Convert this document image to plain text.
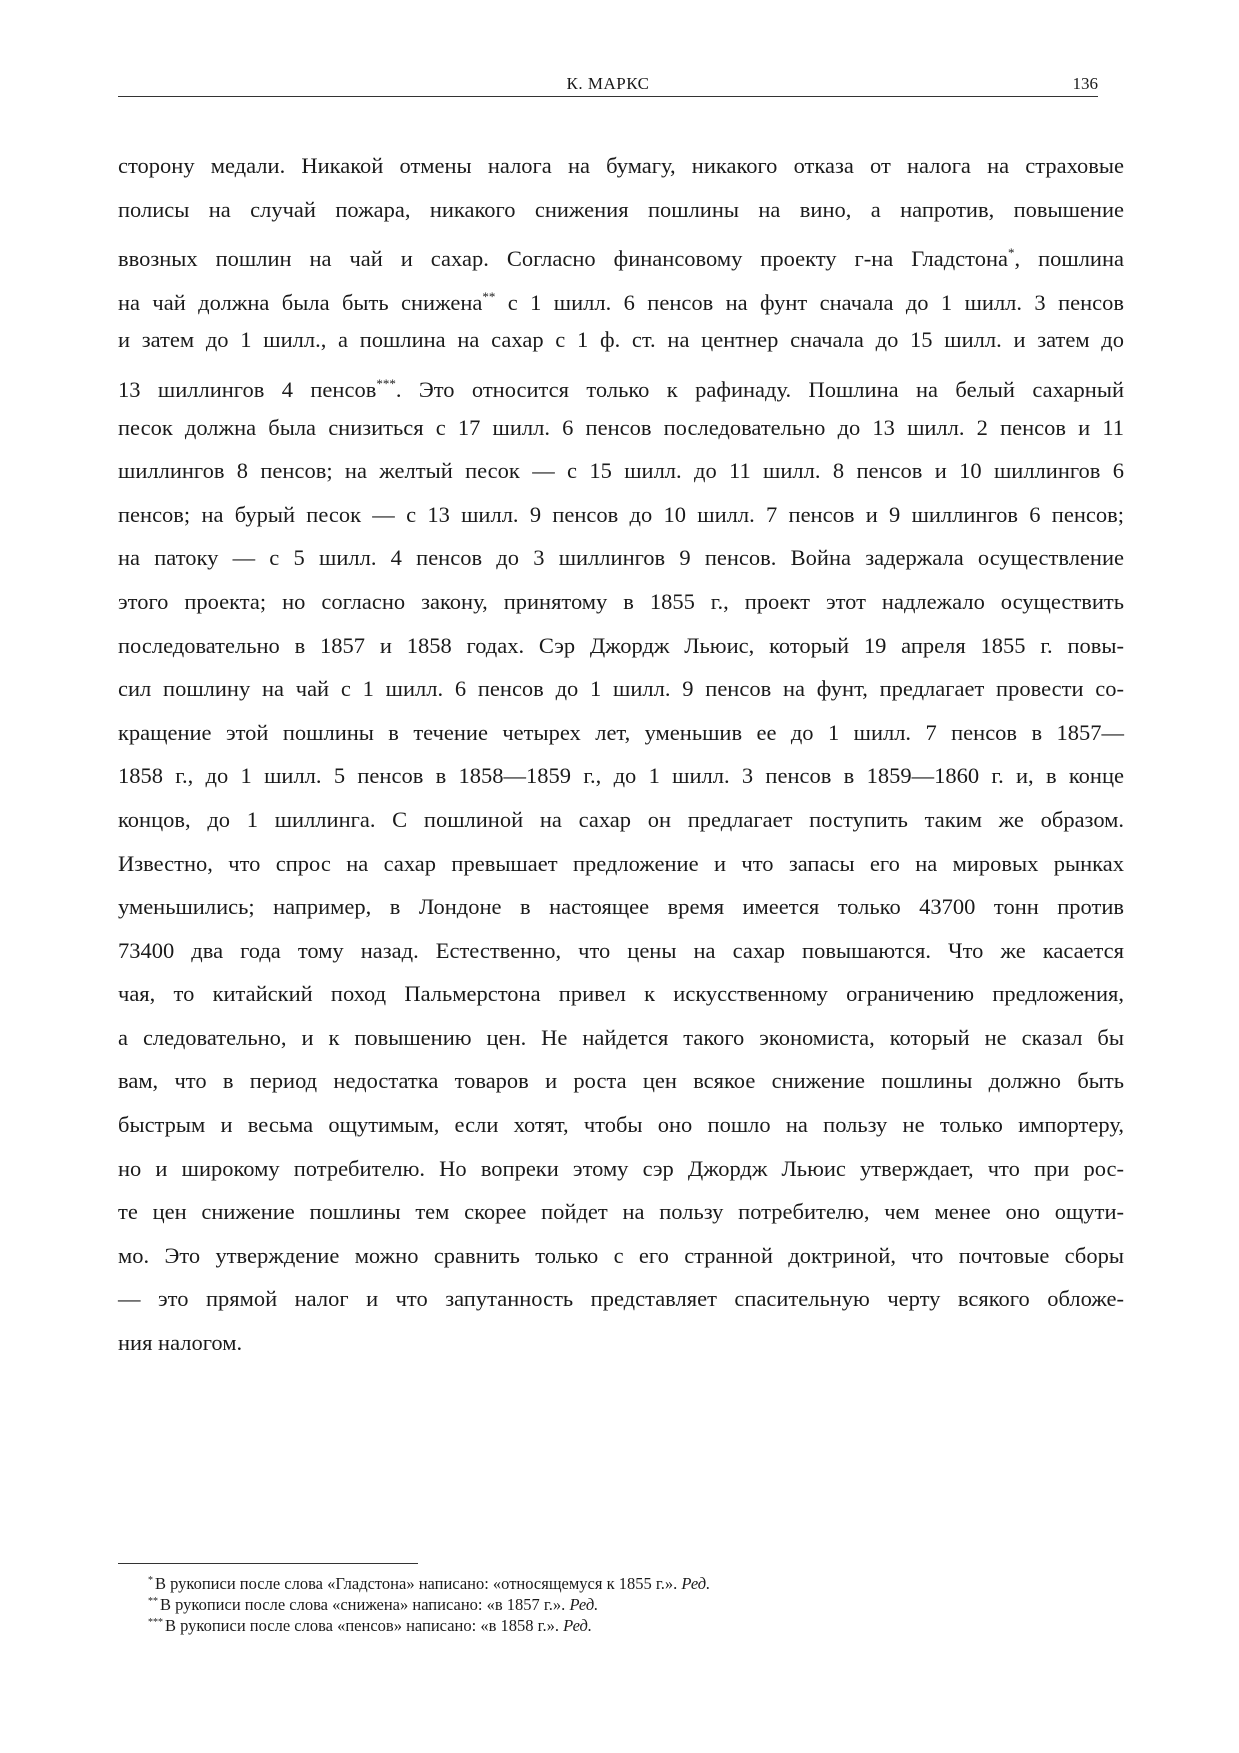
К. МАРКС	136
сторону медали. Никакой отмены налога на бумагу, никакого отказа от налога на страховые
полисы на случай пожара, никакого снижения пошлины на вино, а напротив, повышение
ввозных пошлин на чай и сахар. Согласно финансовому проекту г-на Гладстона*, пошлина
на чай должна была быть снижена** с 1 шилл. 6 пенсов на фунт сначала до 1 шилл. 3 пенсов
и затем до 1 шилл., а пошлина на сахар с 1 ф. ст. на центнер сначала до 15 шилл. и затем до
13 шиллингов 4 пенсов***. Это относится только к рафинаду. Пошлина на белый сахарный
песок должна была снизиться с 17 шилл. 6 пенсов последовательно до 13 шилл. 2 пенсов и 11
шиллингов 8 пенсов; на желтый песок — с 15 шилл. до 11 шилл. 8 пенсов и 10 шиллингов 6
пенсов; на бурый песок — с 13 шилл. 9 пенсов до 10 шилл. 7 пенсов и 9 шиллингов 6 пенсов;
на патоку — с 5 шилл. 4 пенсов до 3 шиллингов 9 пенсов. Война задержала осуществление
этого проекта; но согласно закону, принятому в 1855 г., проект этот надлежало осуществить
последовательно в 1857 и 1858 годах. Сэр Джордж Льюис, который 19 апреля 1855 г. повы-
сил пошлину на чай с 1 шилл. 6 пенсов до 1 шилл. 9 пенсов на фунт, предлагает провести со-
кращение этой пошлины в течение четырех лет, уменьшив ее до 1 шилл. 7 пенсов в 1857—
1858 г., до 1 шилл. 5 пенсов в 1858—1859 г., до 1 шилл. 3 пенсов в 1859—1860 г. и, в конце
концов, до 1 шиллинга. С пошлиной на сахар он предлагает поступить таким же образом.
Известно, что спрос на сахар превышает предложение и что запасы его на мировых рынках
уменьшились; например, в Лондоне в настоящее время имеется только 43700 тонн против
73400 два года тому назад. Естественно, что цены на сахар повышаются. Что же касается
чая, то китайский поход Пальмерстона привел к искусственному ограничению предложения,
а следовательно, и к повышению цен. Не найдется такого экономиста, который не сказал бы
вам, что в период недостатка товаров и роста цен всякое снижение пошлины должно быть
быстрым и весьма ощутимым, если хотят, чтобы оно пошло на пользу не только импортеру,
но и широкому потребителю. Но вопреки этому сэр Джордж Льюис утверждает, что при рос-
те цен снижение пошлины тем скорее пойдет на пользу потребителю, чем менее оно ощути-
мо. Это утверждение можно сравнить только с его странной доктриной, что почтовые сборы
— это прямой налог и что запутанность представляет спасительную черту всякого обложе-
ния налогом.
* В рукописи после слова «Гладстона» написано: «относящемуся к 1855 г.». Ред.
** В рукописи после слова «снижена» написано: «в 1857 г.». Ред.
*** В рукописи после слова «пенсов» написано: «в 1858 г.». Ред.
